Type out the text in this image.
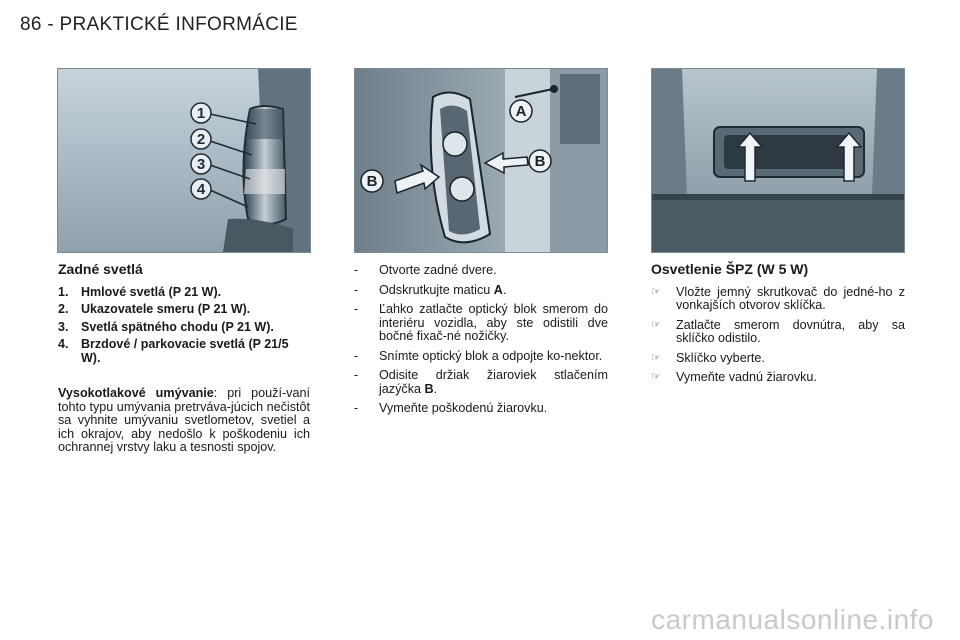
86 - PRAKTICKÉ INFORMÁCIE
1
2
3
4
A
B
B
Zadné svetlá
1.	Hmlové svetlá (P 21 W).
2.	Ukazovatele smeru (P 21 W).
3.	Svetlá spätného chodu (P 21 W).
4.	Brzdové / parkovacie svetlá (P 21/5 W).
Vysokotlakové umývanie: pri použí-vaní tohto typu umývania pretrváva-júcich nečistôt sa vyhnite umývaniu svetlometov, svetiel a ich okrajov, aby nedošlo k poškodeniu ich ochrannej vrstvy laku a tesnosti spojov.
-	Otvorte zadné dvere.
-	Odskrutkujte maticu A.
-	Ľahko zatlačte optický blok smerom do interiéru vozidla, aby ste odistili dve bočné fixač-né nožičky.
-	Snímte optický blok a odpojte ko-nektor.
-	Odisite držiak žiaroviek stlačením jazýčka B.
-	Vymeňte poškodenú žiarovku.
Osvetlenie ŠPZ (W 5 W)
☞	Vložte jemný skrutkovač do jedné-ho z vonkajších otvorov sklíčka.
☞	Zatlačte smerom dovnútra, aby sa sklíčko odistilo.
☞	Sklíčko vyberte.
☞	Vymeňte vadnú žiarovku.
carmanualsonline.info
